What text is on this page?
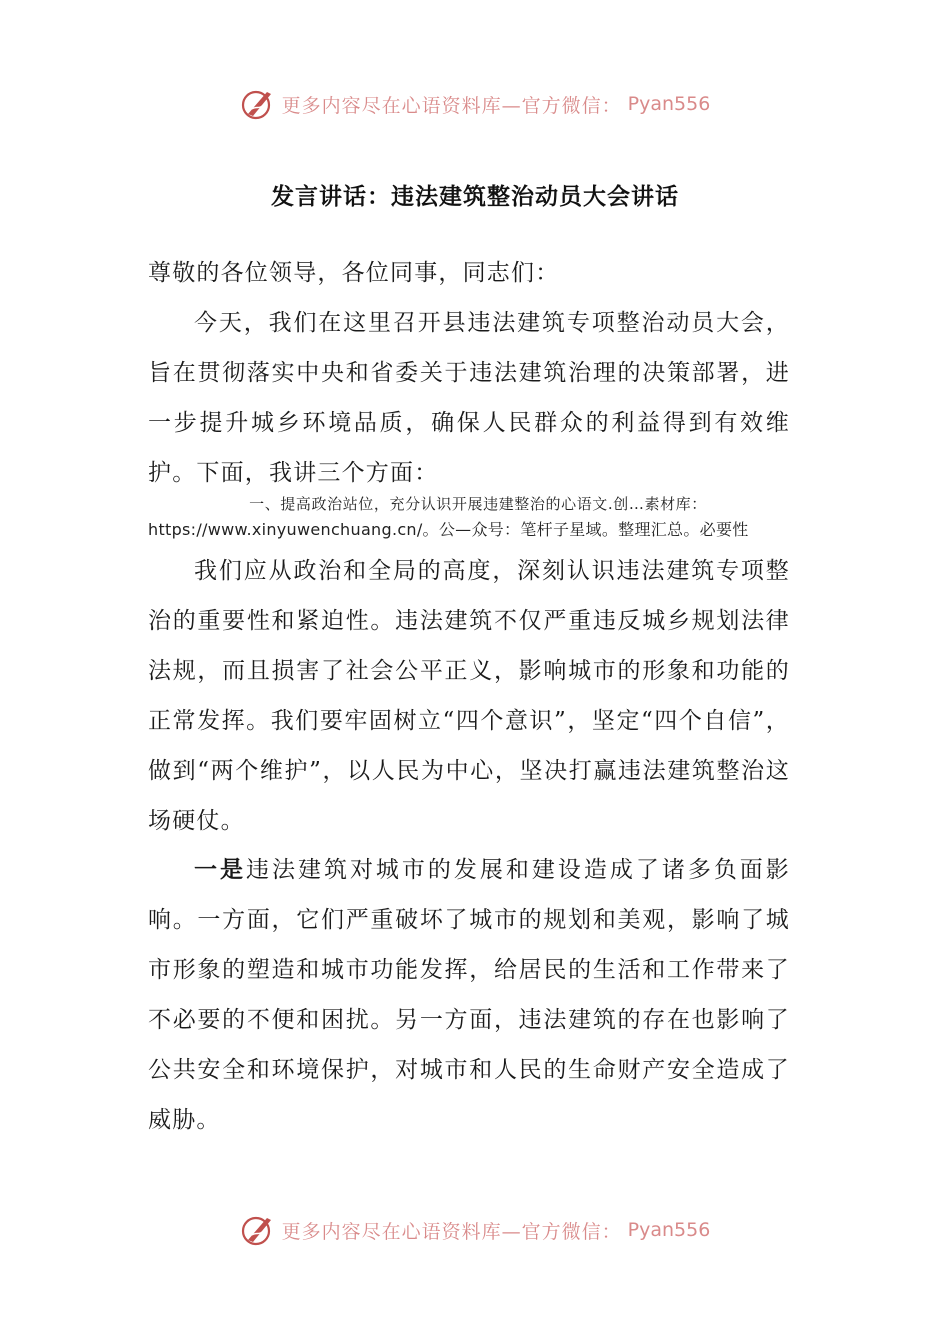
更多内容尽在心语资料库—官方微信： Pyan556
发言讲话：违法建筑整治动员大会讲话

尊敬的各位领导，各位同事，同志们：

今天，我们在这里召开县违法建筑专项整治动员大会，旨在贯彻落实中央和省委关于违法建筑治理的决策部署，进一步提升城乡环境品质，确保人民群众的利益得到有效维护。下面，我讲三个方面：

一、提高政治站位，充分认识开展违建整治的心语文.创…素材库：
https://www.xinyuwenchuang.cn/。公—众号：笔杆子星域。整理汇总。必要性

我们应从政治和全局的高度，深刻认识违法建筑专项整治的重要性和紧迫性。违法建筑不仅严重违反城乡规划法律法规，而且损害了社会公平正义，影响城市的形象和功能的正常发挥。我们要牢固树立“四个意识”，坚定“四个自信”，做到“两个维护”，以人民为中心，坚决打赢违法建筑整治这场硬仗。

一是违法建筑对城市的发展和建设造成了诸多负面影响。一方面，它们严重破坏了城市的规划和美观，影响了城市形象的塑造和城市功能发挥，给居民的生活和工作带来了不必要的不便和困扰。另一方面，违法建筑的存在也影响了公共安全和环境保护，对城市和人民的生命财产安全造成了威胁。

更多内容尽在心语资料库—官方微信： Pyan556
